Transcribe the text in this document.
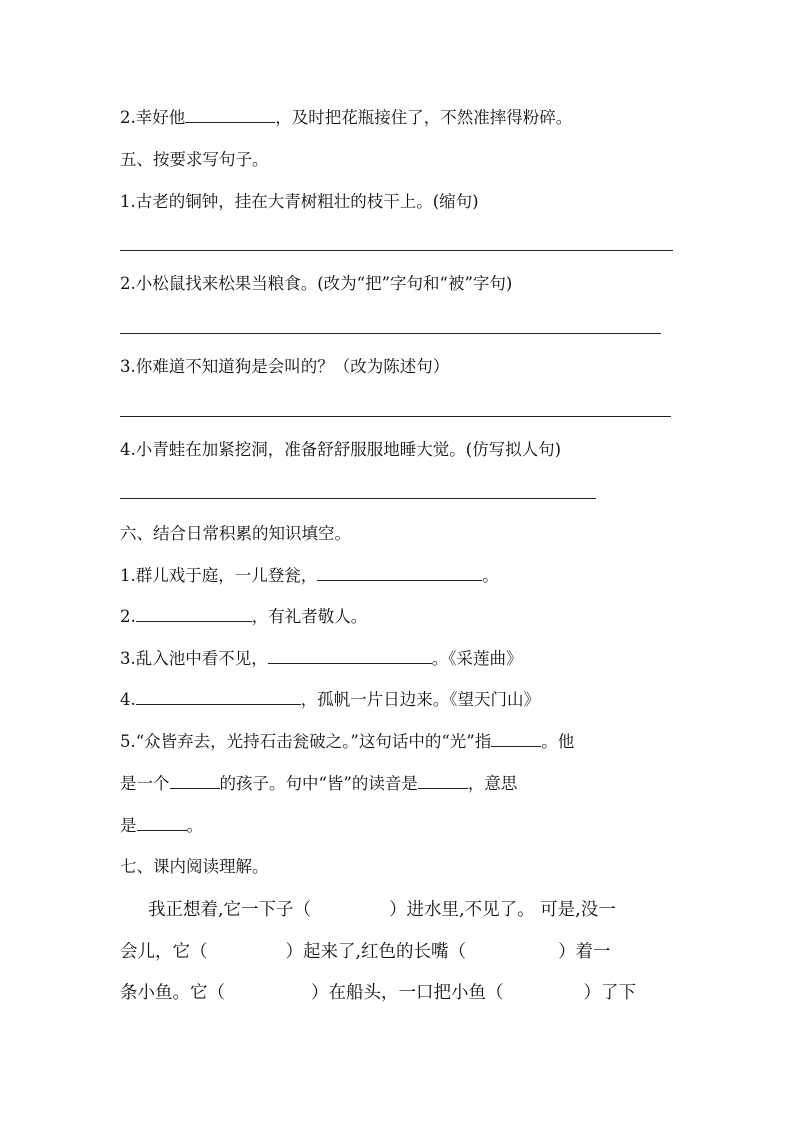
2.幸好他	，及时把花瓶接住了，不然准摔得粉碎。
五、按要求写句子。
1.古老的铜钟，挂在大青树粗壮的枝干上。(缩句)
2.小松鼠找来松果当粮食。(改为“把”字句和“被”字句)
3.你难道不知道狗是会叫的？（改为陈述句）
4.小青蛙在加紧挖洞，准备舒舒服服地睡大觉。(仿写拟人句)
六、结合日常积累的知识填空。
1.群儿戏于庭，一儿登瓮，	。
2.	，有礼者敬人。
3.乱入池中看不见，	。《采莲曲》
4.	，孤帆一片日边来。《望天门山》
5.“众皆弃去，光持石击瓮破之。”这句话中的“光”指	。他
是一个	的孩子。句中“皆”的读音是	，意思
是	。
七、课内阅读理解。
我正想着,它一下子（	）进水里,不见了。 可是,没一
会儿，它（	）起来了,红色的长嘴（	）着一
条小鱼。它（	）在船头，一口把小鱼（	）了下
